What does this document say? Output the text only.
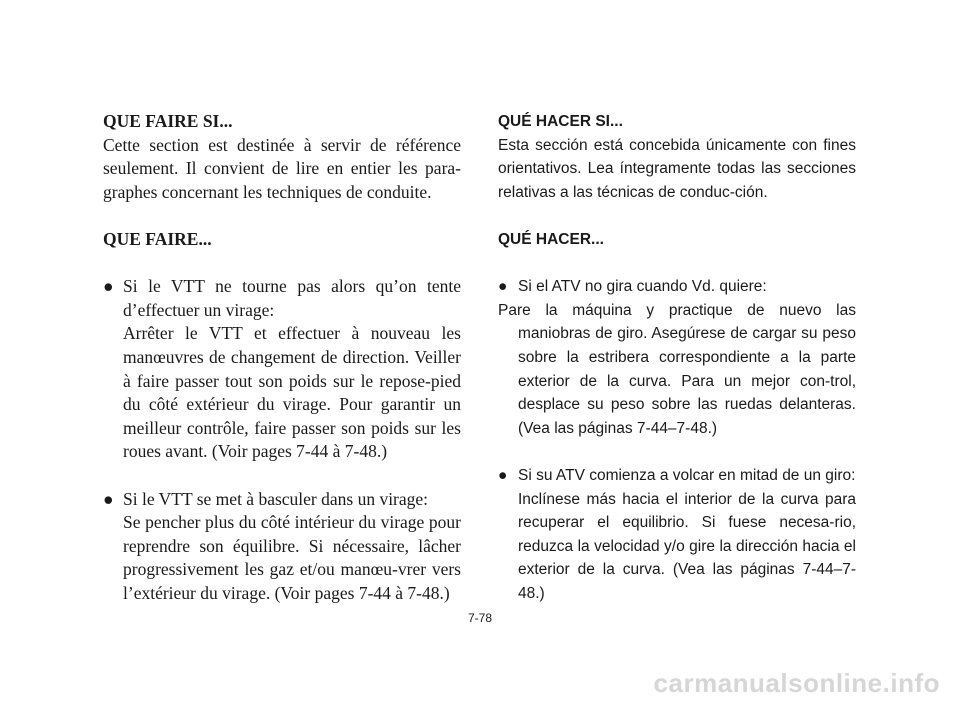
QUE FAIRE SI...
Cette section est destinée à servir de référence seulement. Il convient de lire en entier les para-graphes concernant les techniques de conduite.
QUE FAIRE...
● Si le VTT ne tourne pas alors qu’on tente d’effectuer un virage:
Arrêter le VTT et effectuer à nouveau les manœuvres de changement de direction. Veiller à faire passer tout son poids sur le repose-pied du côté extérieur du virage. Pour garantir un meilleur contrôle, faire passer son poids sur les roues avant. (Voir pages 7-44 à 7-48.)
● Si le VTT se met à basculer dans un virage:
Se pencher plus du côté intérieur du virage pour reprendre son équilibre. Si nécessaire, lâcher progressivement les gaz et/ou manœu-vrer vers l’extérieur du virage. (Voir pages 7-44 à 7-48.)
QUÉ HACER SI...
Esta sección está concebida únicamente con fines orientativos. Lea íntegramente todas las secciones relativas a las técnicas de conduc-ción.
QUÉ HACER...
● Si el ATV no gira cuando Vd. quiere:
Pare la máquina y practique de nuevo las maniobras de giro. Asegúrese de cargar su peso sobre la estribera correspondiente a la parte exterior de la curva. Para un mejor con-trol, desplace su peso sobre las ruedas delanteras. (Vea las páginas 7-44–7-48.)
● Si su ATV comienza a volcar en mitad de un giro:
Inclínese más hacia el interior de la curva para recuperar el equilibrio. Si fuese necesa-rio, reduzca la velocidad y/o gire la dirección hacia el exterior de la curva. (Vea las páginas 7-44–7-48.)
7-78
carmanualsonline.info
